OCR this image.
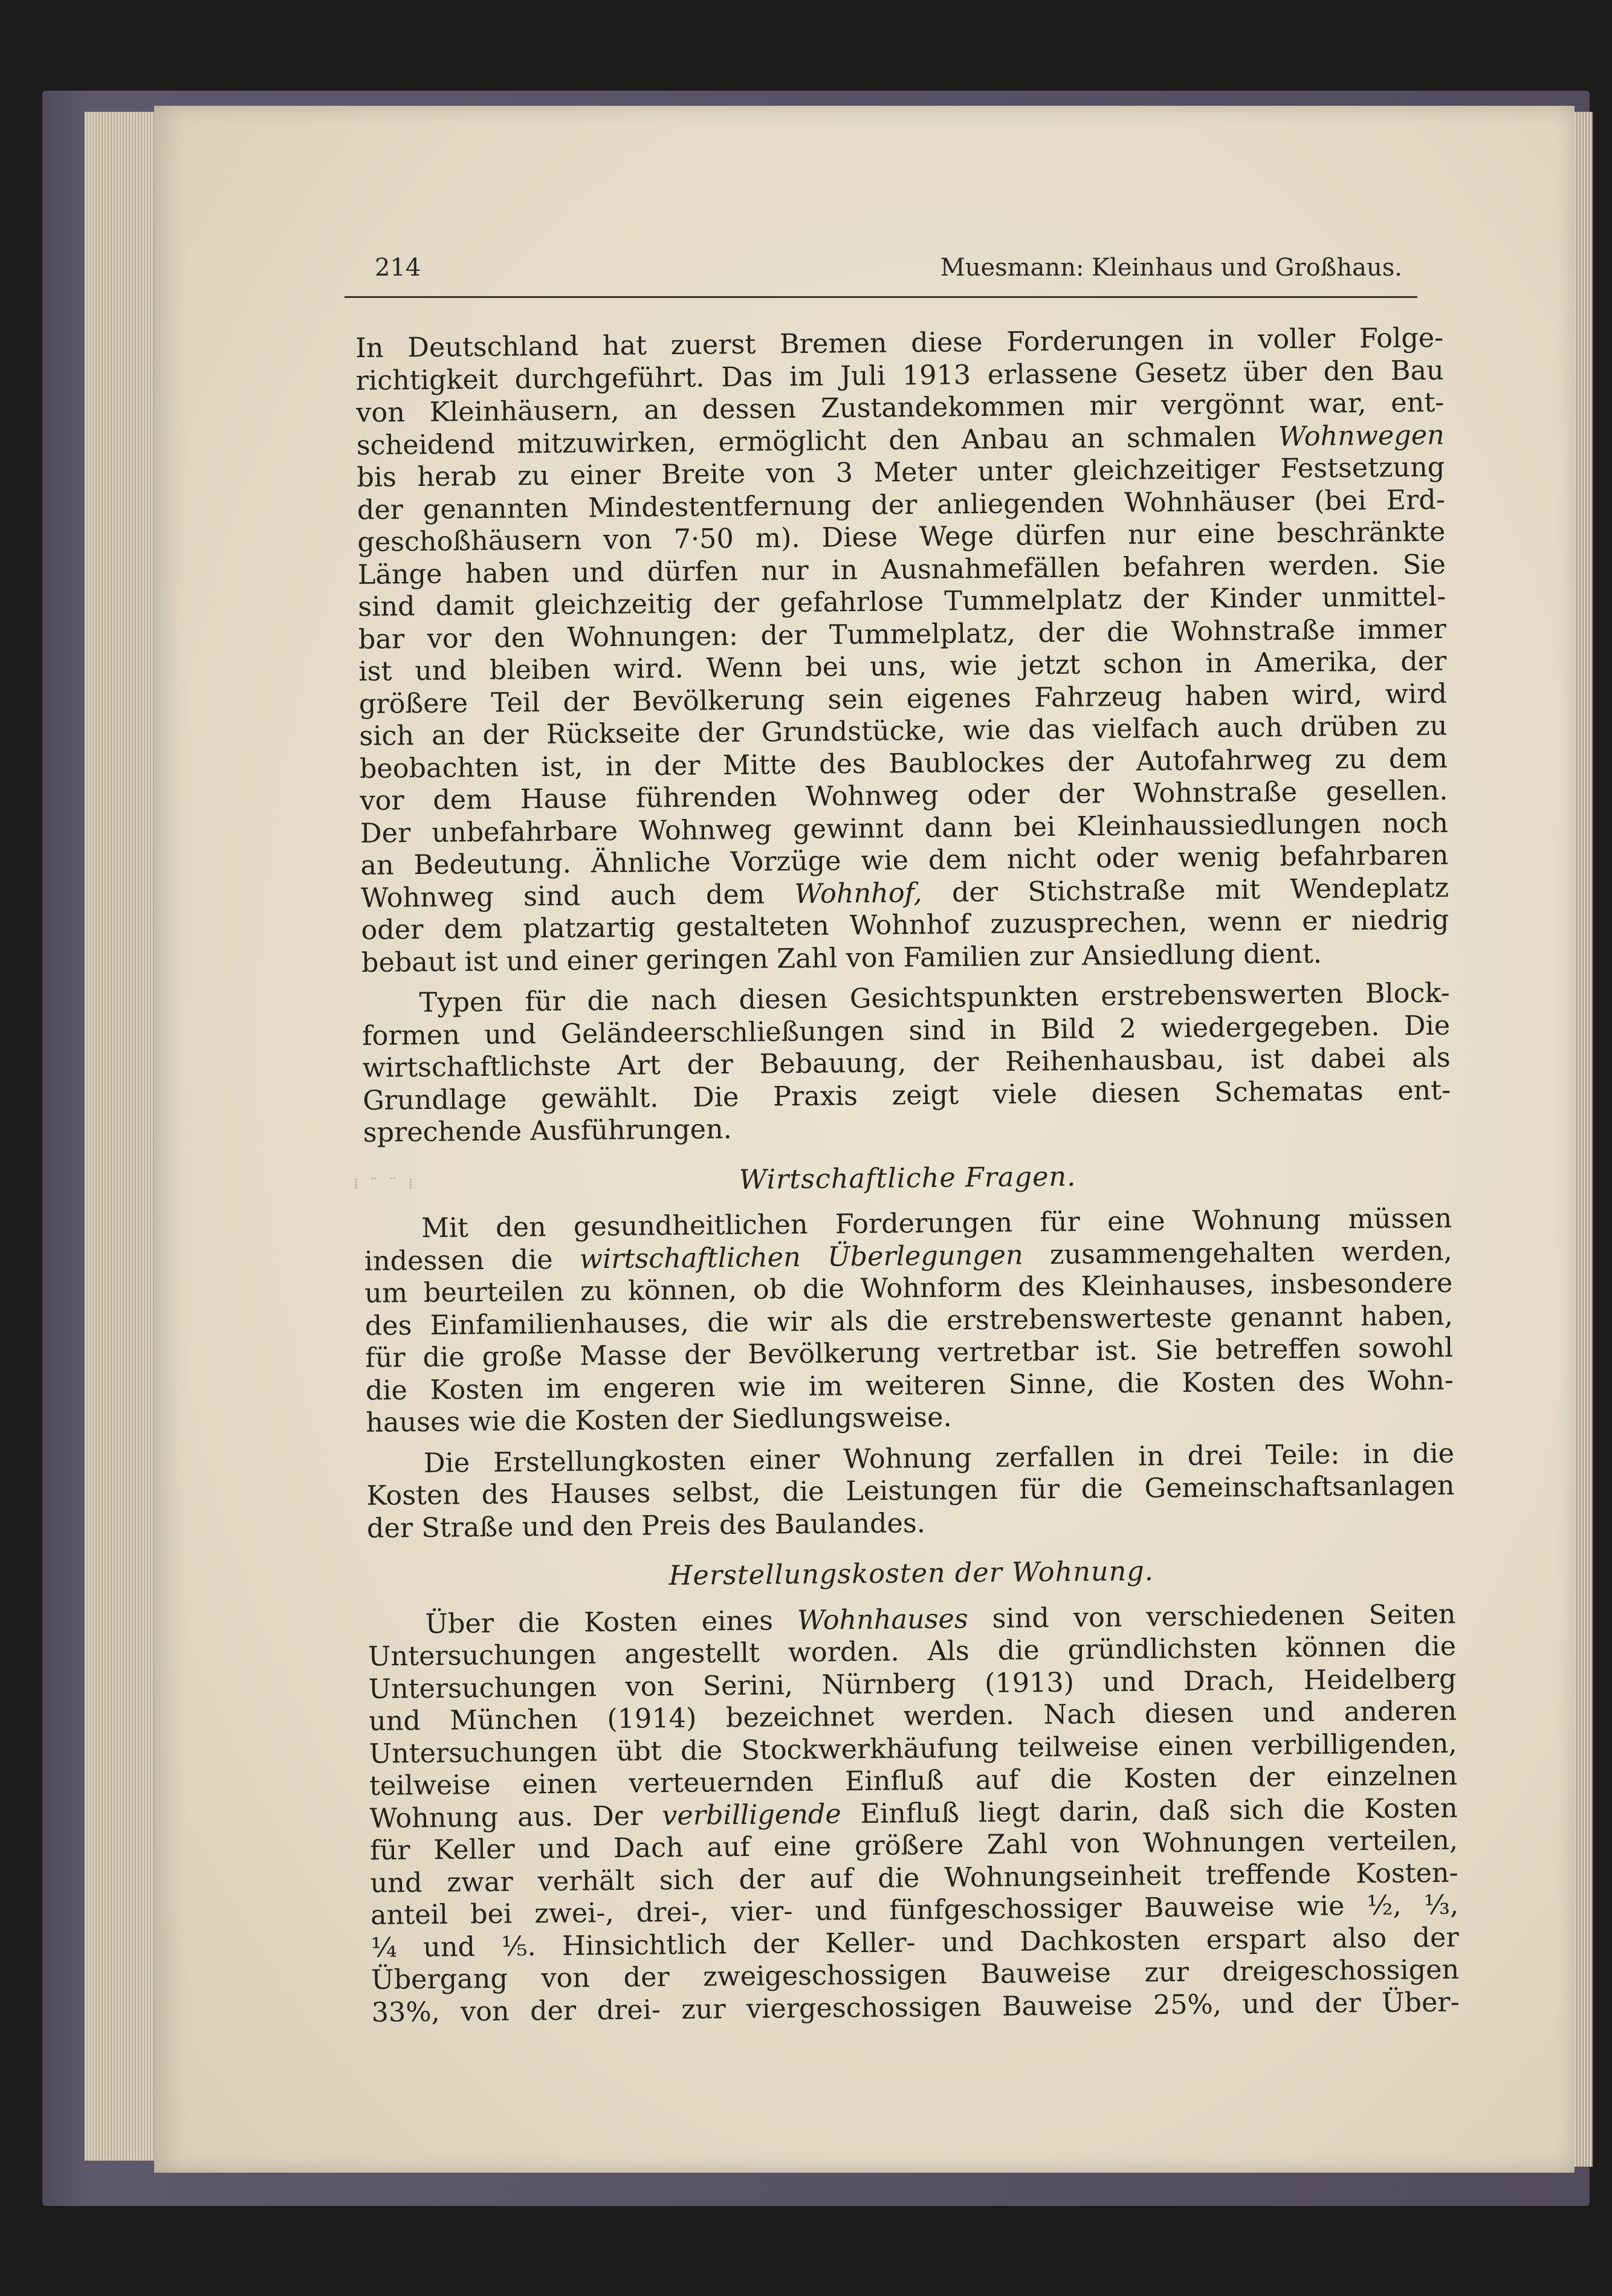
214	Muesmann: Kleinhaus und Großhaus.
⁞ ¨ ¨ ⁞
In Deutschland hat zuerst Bremen diese Forderungen in voller Folge-
richtigkeit durchgeführt. Das im Juli 1913 erlassene Gesetz über den Bau
von Kleinhäusern, an dessen Zustandekommen mir vergönnt war, ent-
scheidend mitzuwirken, ermöglicht den Anbau an schmalen Wohnwegen
bis herab zu einer Breite von 3 Meter unter gleichzeitiger Festsetzung
der genannten Mindestentfernung der anliegenden Wohnhäuser (bei Erd-
geschoßhäusern von 7·50 m). Diese Wege dürfen nur eine beschränkte
Länge haben und dürfen nur in Ausnahmefällen befahren werden. Sie
sind damit gleichzeitig der gefahrlose Tummelplatz der Kinder unmittel-
bar vor den Wohnungen: der Tummelplatz, der die Wohnstraße immer
ist und bleiben wird. Wenn bei uns, wie jetzt schon in Amerika, der
größere Teil der Bevölkerung sein eigenes Fahrzeug haben wird, wird
sich an der Rückseite der Grundstücke, wie das vielfach auch drüben zu
beobachten ist, in der Mitte des Baublockes der Autofahrweg zu dem
vor dem Hause führenden Wohnweg oder der Wohnstraße gesellen.
Der unbefahrbare Wohnweg gewinnt dann bei Kleinhaussiedlungen noch
an Bedeutung. Ähnliche Vorzüge wie dem nicht oder wenig befahrbaren
Wohnweg sind auch dem Wohnhof, der Stichstraße mit Wendeplatz
oder dem platzartig gestalteten Wohnhof zuzusprechen, wenn er niedrig
bebaut ist und einer geringen Zahl von Familien zur Ansiedlung dient.
Typen für die nach diesen Gesichtspunkten erstrebenswerten Block-
formen und Geländeerschließungen sind in Bild 2 wiedergegeben. Die
wirtschaftlichste Art der Bebauung, der Reihenhausbau, ist dabei als
Grundlage gewählt. Die Praxis zeigt viele diesen Schematas ent-
sprechende Ausführungen.
Wirtschaftliche Fragen.
Mit den gesundheitlichen Forderungen für eine Wohnung müssen
indessen die wirtschaftlichen Überlegungen zusammengehalten werden,
um beurteilen zu können, ob die Wohnform des Kleinhauses, insbesondere
des Einfamilienhauses, die wir als die erstrebenswerteste genannt haben,
für die große Masse der Bevölkerung vertretbar ist. Sie betreffen sowohl
die Kosten im engeren wie im weiteren Sinne, die Kosten des Wohn-
hauses wie die Kosten der Siedlungsweise.
Die Erstellungkosten einer Wohnung zerfallen in drei Teile: in die
Kosten des Hauses selbst, die Leistungen für die Gemeinschaftsanlagen
der Straße und den Preis des Baulandes.
Herstellungskosten der Wohnung.
Über die Kosten eines Wohnhauses sind von verschiedenen Seiten
Untersuchungen angestellt worden. Als die gründlichsten können die
Untersuchungen von Serini, Nürnberg (1913) und Drach, Heidelberg
und München (1914) bezeichnet werden. Nach diesen und anderen
Untersuchungen übt die Stockwerkhäufung teilweise einen verbilligenden,
teilweise einen verteuernden Einfluß auf die Kosten der einzelnen
Wohnung aus. Der verbilligende Einfluß liegt darin, daß sich die Kosten
für Keller und Dach auf eine größere Zahl von Wohnungen verteilen,
und zwar verhält sich der auf die Wohnungseinheit treffende Kosten-
anteil bei zwei-, drei-, vier- und fünfgeschossiger Bauweise wie ½, ⅓,
¼ und ⅕. Hinsichtlich der Keller- und Dachkosten erspart also der
Übergang von der zweigeschossigen Bauweise zur dreigeschossigen
33%, von der drei- zur viergeschossigen Bauweise 25%, und der Über-
